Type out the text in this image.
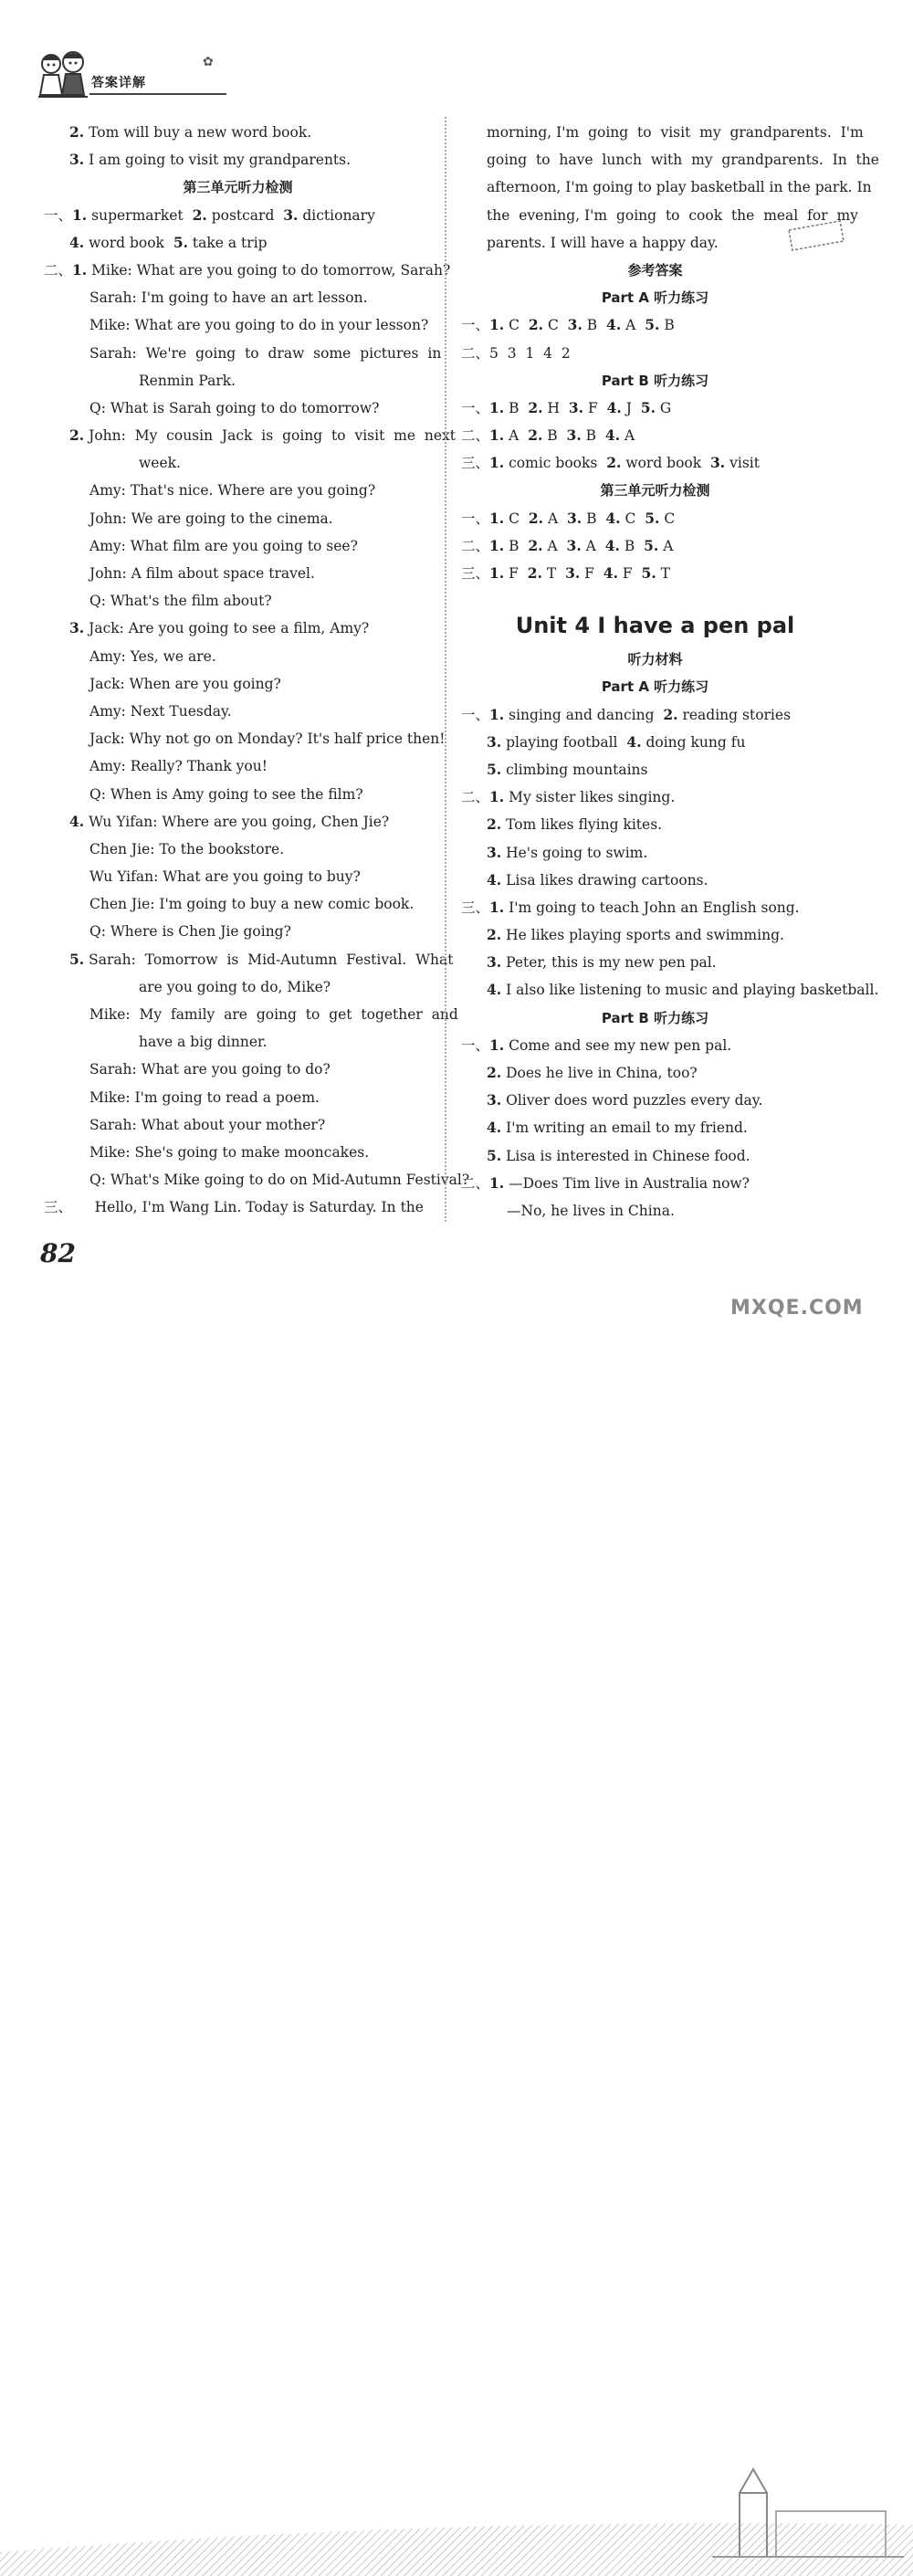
✿
答案详解
2. Tom will buy a new word book.
3. I am going to visit my grandparents.
第三单元听力检测
一、1. supermarket  2. postcard  3. dictionary
4. word book  5. take a trip
二、1. Mike: What are you going to do tomorrow, Sarah?
Sarah: I'm going to have an art lesson.
Mike: What are you going to do in your lesson?
Sarah:  We're  going  to  draw  some  pictures  in
Renmin Park.
Q: What is Sarah going to do tomorrow?
2. John:  My  cousin  Jack  is  going  to  visit  me  next
week.
Amy: That's nice. Where are you going?
John: We are going to the cinema.
Amy: What film are you going to see?
John: A film about space travel.
Q: What's the film about?
3. Jack: Are you going to see a film, Amy?
Amy: Yes, we are.
Jack: When are you going?
Amy: Next Tuesday.
Jack: Why not go on Monday? It's half price then!
Amy: Really? Thank you!
Q: When is Amy going to see the film?
4. Wu Yifan: Where are you going, Chen Jie?
Chen Jie: To the bookstore.
Wu Yifan: What are you going to buy?
Chen Jie: I'm going to buy a new comic book.
Q: Where is Chen Jie going?
5. Sarah:  Tomorrow  is  Mid-Autumn  Festival.  What
are you going to do, Mike?
Mike:  My  family  are  going  to  get  together  and
have a big dinner.
Sarah: What are you going to do?
Mike: I'm going to read a poem.
Sarah: What about your mother?
Mike: She's going to make mooncakes.
Q: What's Mike going to do on Mid-Autumn Festival?
三、     Hello, I'm Wang Lin. Today is Saturday. In the
morning, I'm  going  to  visit  my  grandparents.  I'm
going  to  have  lunch  with  my  grandparents.  In  the
afternoon, I'm going to play basketball in the park. In
the  evening, I'm  going  to  cook  the  meal  for  my
parents. I will have a happy day.
参考答案
Part A 听力练习
一、1. C  2. C  3. B  4. A  5. B
二、5  3  1  4  2
Part B 听力练习
一、1. B  2. H  3. F  4. J  5. G
二、1. A  2. B  3. B  4. A
三、1. comic books  2. word book  3. visit
第三单元听力检测
一、1. C  2. A  3. B  4. C  5. C
二、1. B  2. A  3. A  4. B  5. A
三、1. F  2. T  3. F  4. F  5. T
Unit 4 I have a pen pal
听力材料
Part A 听力练习
一、1. singing and dancing  2. reading stories
3. playing football  4. doing kung fu
5. climbing mountains
二、1. My sister likes singing.
2. Tom likes flying kites.
3. He's going to swim.
4. Lisa likes drawing cartoons.
三、1. I'm going to teach John an English song.
2. He likes playing sports and swimming.
3. Peter, this is my new pen pal.
4. I also like listening to music and playing basketball.
Part B 听力练习
一、1. Come and see my new pen pal.
2. Does he live in China, too?
3. Oliver does word puzzles every day.
4. I'm writing an email to my friend.
5. Lisa is interested in Chinese food.
二、1. —Does Tim live in Australia now?
—No, he lives in China.
82
MXQE.COM
